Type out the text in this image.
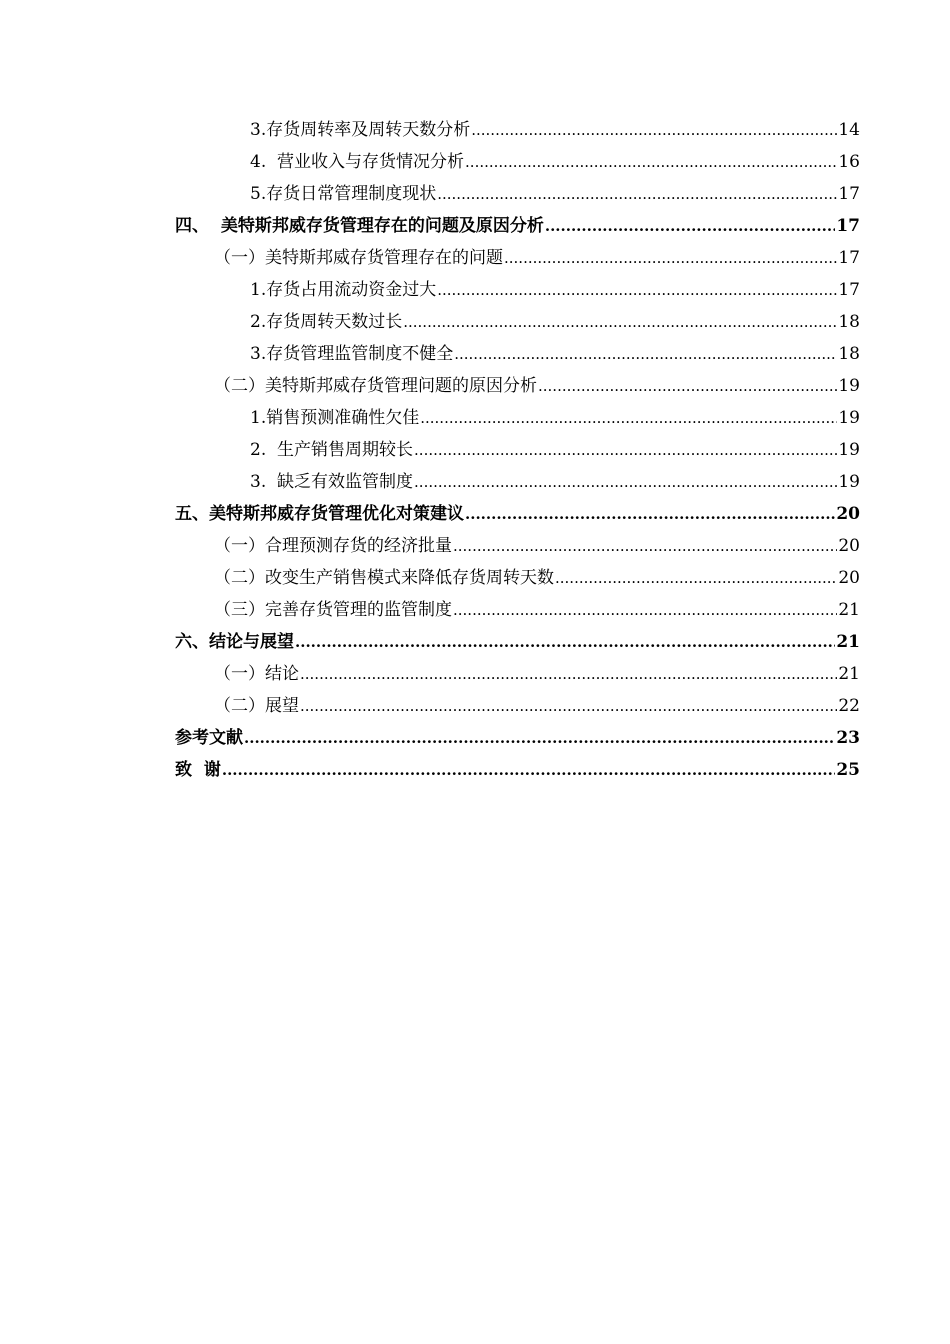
3.存货周转率及周转天数分析 .....	14
4.  营业收入与存货情况分析 .....	16
5.存货日常管理制度现状 .....	17
四、  美特斯邦威存货管理存在的问题及原因分析 .....	17
（一）美特斯邦威存货管理存在的问题 .....	17
1.存货占用流动资金过大 .....	17
2.存货周转天数过长 .....	18
3.存货管理监管制度不健全 .....	18
（二）美特斯邦威存货管理问题的原因分析 .....	19
1.销售预测准确性欠佳 .....	19
2.  生产销售周期较长 .....	19
3.  缺乏有效监管制度 .....	19
五、美特斯邦威存货管理优化对策建议 .....	20
（一）合理预测存货的经济批量 .....	20
（二）改变生产销售模式来降低存货周转天数 .....	20
（三）完善存货管理的监管制度 .....	21
六、结论与展望 .....	21
（一）结论 .....	21
（二）展望 .....	22
参考文献 .....	23
致  谢 .....	25
